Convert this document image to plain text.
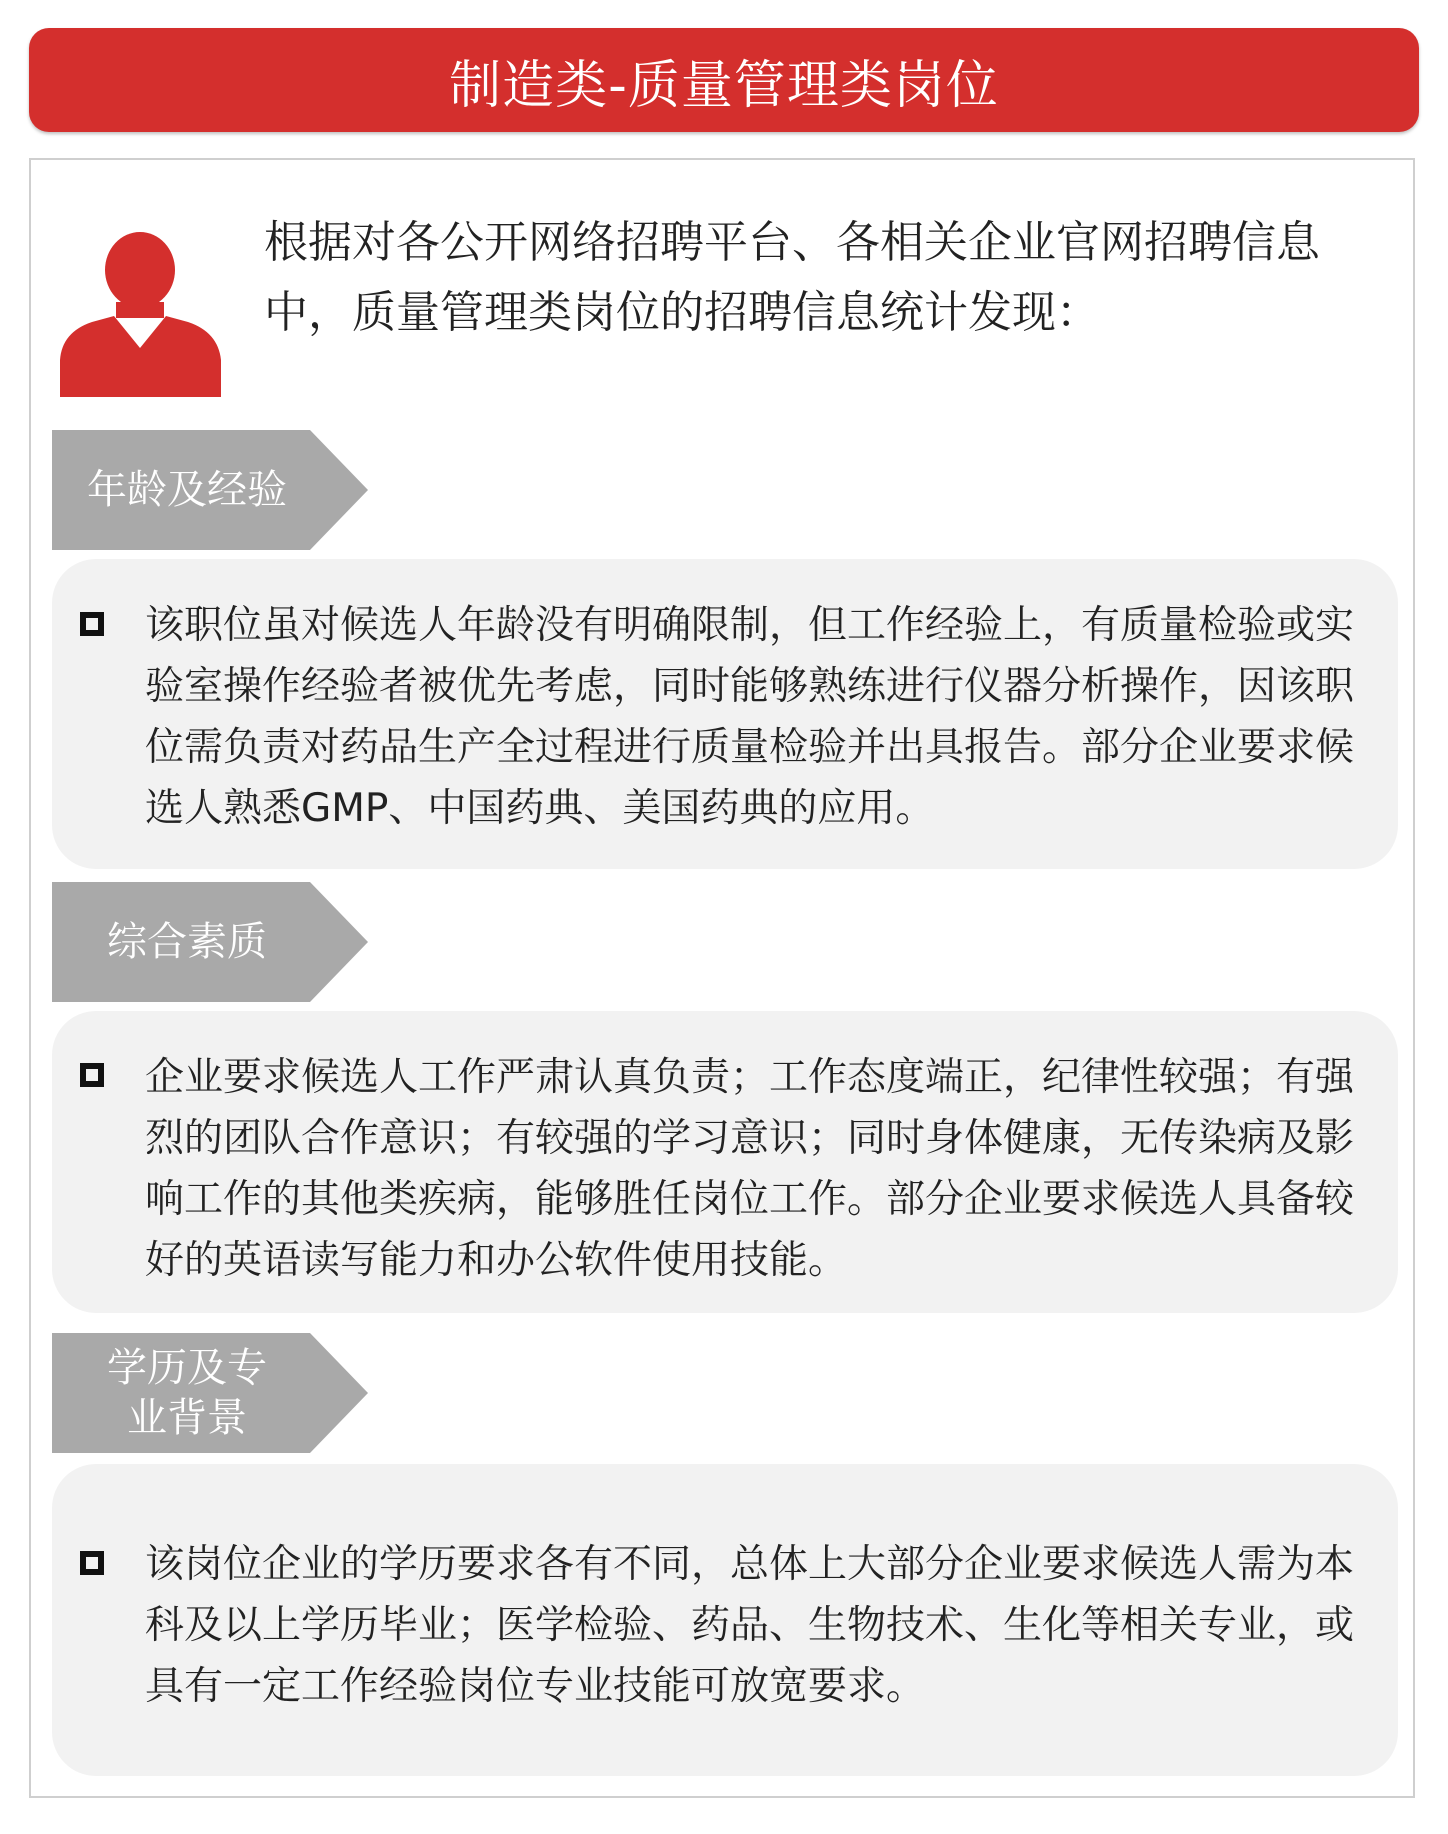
制造类-质量管理类岗位

根据对各公开网络招聘平台、各相关企业官网招聘信息中，质量管理类岗位的招聘信息统计发现：

年龄及经验

该职位虽对候选人年龄没有明确限制，但工作经验上，有质量检验或实验室操作经验者被优先考虑，同时能够熟练进行仪器分析操作，因该职位需负责对药品生产全过程进行质量检验并出具报告。部分企业要求候选人熟悉GMP、中国药典、美国药典的应用。

综合素质

企业要求候选人工作严肃认真负责；工作态度端正，纪律性较强；有强烈的团队合作意识；有较强的学习意识；同时身体健康，无传染病及影响工作的其他类疾病，能够胜任岗位工作。部分企业要求候选人具备较好的英语读写能力和办公软件使用技能。

学历及专业背景

该岗位企业的学历要求各有不同，总体上大部分企业要求候选人需为本科及以上学历毕业；医学检验、药品、生物技术、生化等相关专业，或具有一定工作经验岗位专业技能可放宽要求。
